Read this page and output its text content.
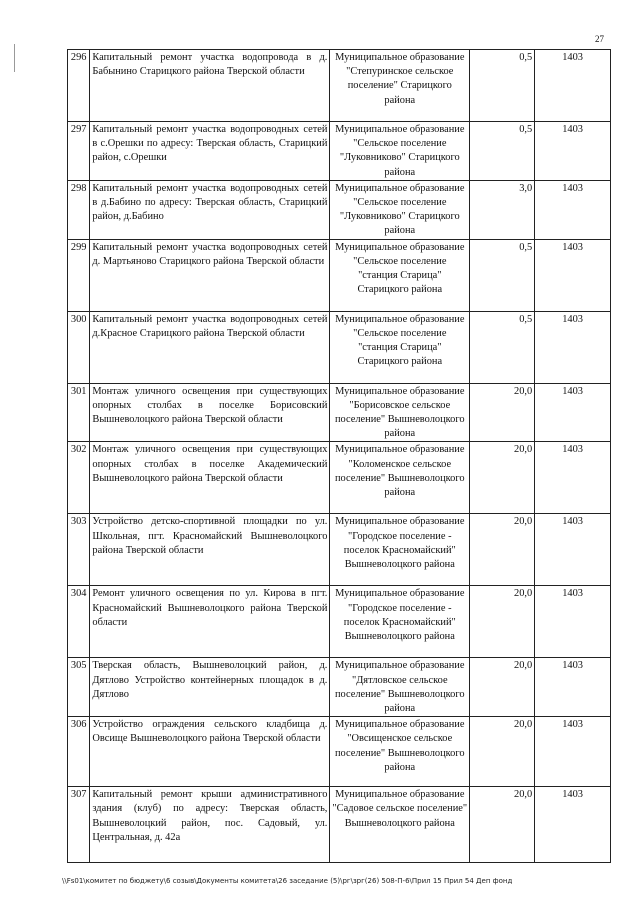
27
296	Капитальный ремонт участка водопровода в д. Бабынино Старицкого района Тверской области	Муниципальное образование "Степуринское сельское поселение" Старицкого района	0,5	1403
297	Капитальный ремонт участка водопроводных сетей в с.Орешки по адресу: Тверская область, Старицкий район, с.Орешки	Муниципальное образование "Сельское поселение "Луковниково" Старицкого района	0,5	1403
298	Капитальный ремонт участка водопроводных сетей в д.Бабино по адресу: Тверская область, Старицкий район, д.Бабино	Муниципальное образование "Сельское поселение "Луковниково" Старицкого района	3,0	1403
299	Капитальный ремонт участка водопроводных сетей д. Мартьяново Старицкого района Тверской области	Муниципальное образование "Сельское поселение "станция Старица" Старицкого района	0,5	1403
300	Капитальный ремонт участка водопроводных сетей д.Красное Старицкого района Тверской области	Муниципальное образование "Сельское поселение "станция Старица" Старицкого района	0,5	1403
301	Монтаж уличного освещения при существующих опорных столбах в поселке Борисовский Вышневолоцкого района Тверской области	Муниципальное образование "Борисовское сельское поселение" Вышневолоцкого района	20,0	1403
302	Монтаж уличного освещения при существующих опорных столбах в поселке Академический Вышневолоцкого района Тверской области	Муниципальное образование "Коломенское сельское поселение" Вышневолоцкого района	20,0	1403
303	Устройство детско-спортивной площадки по ул. Школьная, пгт. Красномайский Вышневолоцкого района Тверской области	Муниципальное образование "Городское поселение - поселок Красномайский" Вышневолоцкого района	20,0	1403
304	Ремонт уличного освещения по ул. Кирова в пгт. Красномайский Вышневолоцкого района Тверской области	Муниципальное образование "Городское поселение - поселок Красномайский" Вышневолоцкого района	20,0	1403
305	Тверская область, Вышневолоцкий район, д. Дятлово Устройство контейнерных площадок в д. Дятлово	Муниципальное образование "Дятловское сельское поселение" Вышневолоцкого района	20,0	1403
306	Устройство ограждения сельского кладбища д. Овсище Вышневолоцкого района Тверской области	Муниципальное образование "Овсищенское сельское поселение" Вышневолоцкого района	20,0	1403
307	Капитальный ремонт крыши административного здания (клуб) по адресу: Тверская область, Вышневолоцкий район, пос. Садовый, ул. Центральная, д. 42а	Муниципальное образование "Садовое сельское поселение" Вышневолоцкого района	20,0	1403
\\Fs01\комитет по бюджету\6 созыв\Документы комитета\26 заседание (5)\рг\зрг(26) 508-П-6\Прил 15 Прил 54 Деп фонд
